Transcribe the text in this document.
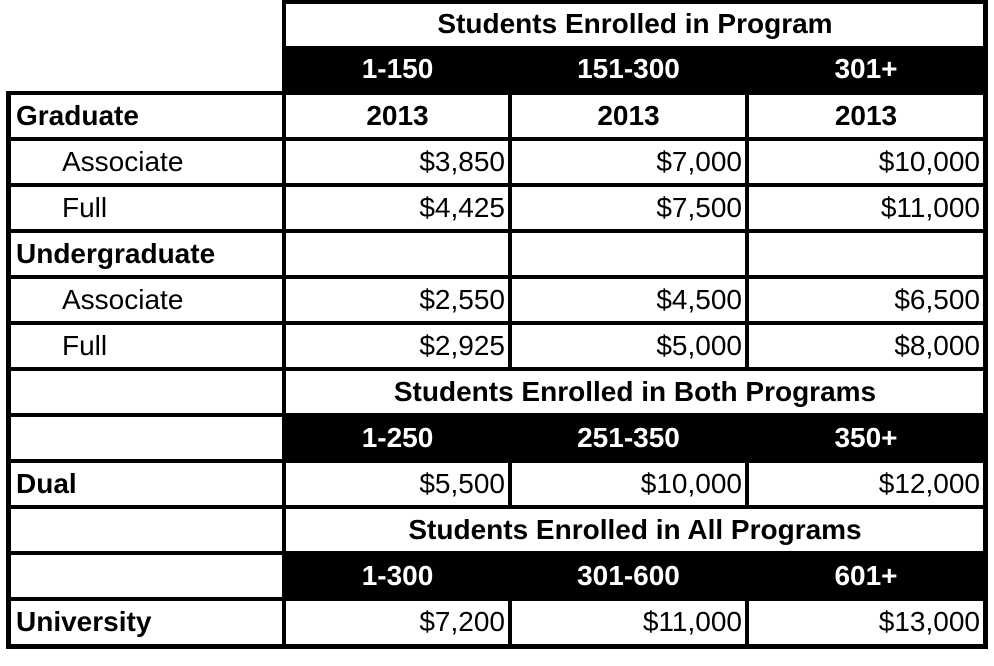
Students Enrolled in Program
1-150	151-300	301+
Graduate	2013	2013	2013
Associate	$3,850	$7,000	$10,000
Full	$4,425	$7,500	$11,000
Undergraduate
Associate	$2,550	$4,500	$6,500
Full	$2,925	$5,000	$8,000
Students Enrolled in Both Programs
1-250	251-350	350+
Dual	$5,500	$10,000	$12,000
Students Enrolled in All Programs
1-300	301-600	601+
University	$7,200	$11,000	$13,000
